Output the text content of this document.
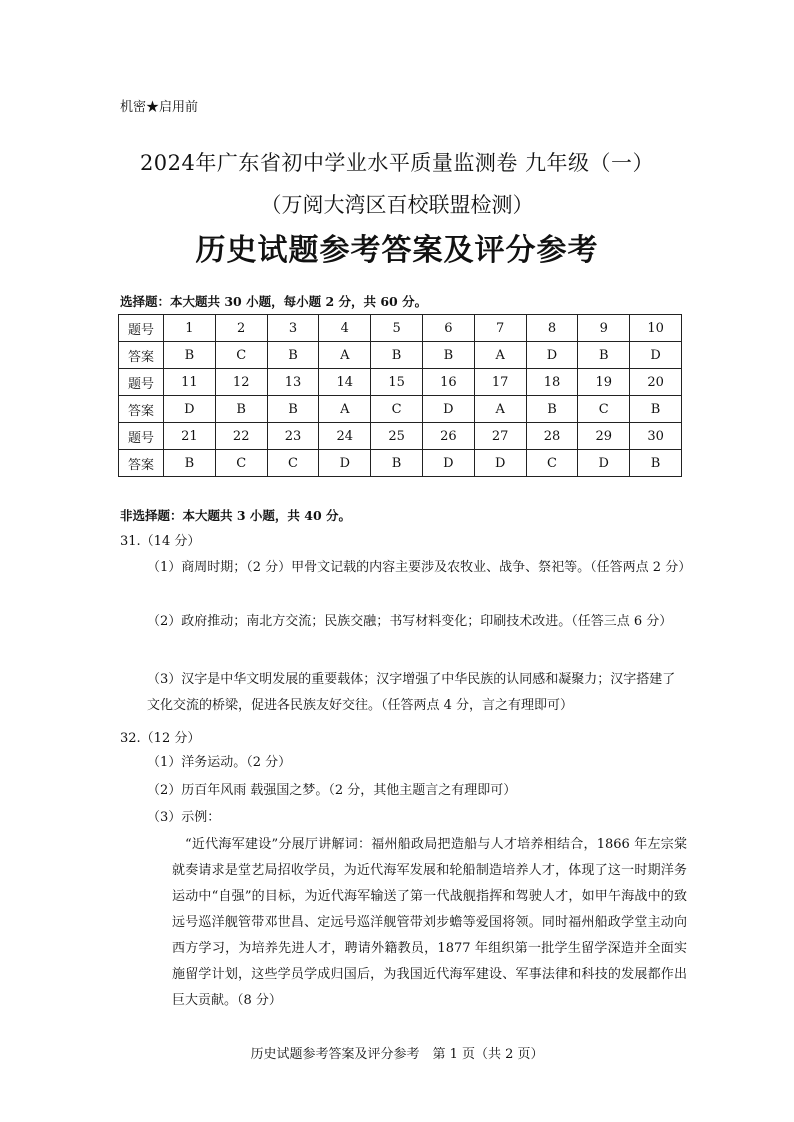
机密★启用前
2024年广东省初中学业水平质量监测卷 九年级（一）
（万阅大湾区百校联盟检测）
历史试题参考答案及评分参考
选择题：本大题共 30 小题，每小题 2 分，共 60 分。
题号	1	2	3	4	5	6	7	8	9	10
答案	B	C	B	A	B	B	A	D	B	D
题号	11	12	13	14	15	16	17	18	19	20
答案	D	B	B	A	C	D	A	B	C	B
题号	21	22	23	24	25	26	27	28	29	30
答案	B	C	C	D	B	D	D	C	D	B
非选择题：本大题共 3 小题，共 40 分。
31.（14 分）
（1）商周时期；（2 分）甲骨文记载的内容主要涉及农牧业、战争、祭祀等。（任答两点 2 分）
（2）政府推动；南北方交流；民族交融；书写材料变化；印刷技术改进。（任答三点 6 分）
（3）汉字是中华文明发展的重要载体；汉字增强了中华民族的认同感和凝聚力；汉字搭建了文化交流的桥梁，促进各民族友好交往。（任答两点 4 分，言之有理即可）
32.（12 分）
（1）洋务运动。（2 分）
（2）历百年风雨 载强国之梦。（2 分，其他主题言之有理即可）
（3）示例：
“近代海军建设”分展厅讲解词：福州船政局把造船与人才培养相结合，1866 年左宗棠就奏请求是堂艺局招收学员，为近代海军发展和轮船制造培养人才，体现了这一时期洋务运动中“自强”的目标，为近代海军输送了第一代战舰指挥和驾驶人才，如甲午海战中的致远号巡洋舰管带邓世昌、定远号巡洋舰管带刘步蟾等爱国将领。同时福州船政学堂主动向西方学习，为培养先进人才，聘请外籍教员，1877 年组织第一批学生留学深造并全面实施留学计划，这些学员学成归国后，为我国近代海军建设、军事法律和科技的发展都作出巨大贡献。（8 分）
历史试题参考答案及评分参考　第 1 页（共 2 页）
